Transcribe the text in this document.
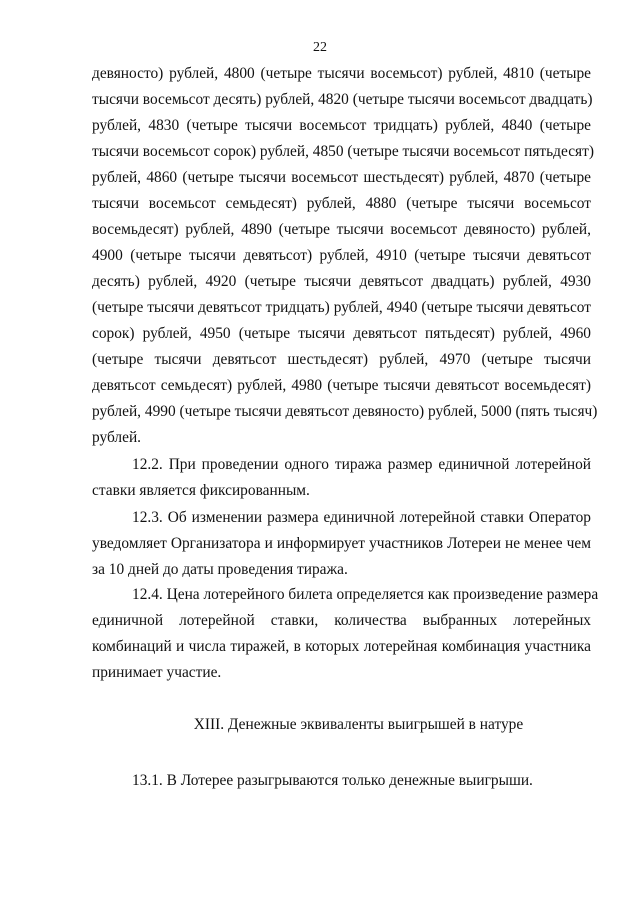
22
девяносто) рублей, 4800 (четыре тысячи восемьсот) рублей, 4810 (четыре
тысячи восемьсот десять) рублей, 4820 (четыре тысячи восемьсот двадцать)
рублей, 4830 (четыре тысячи восемьсот тридцать) рублей, 4840 (четыре
тысячи восемьсот сорок) рублей, 4850 (четыре тысячи восемьсот пятьдесят)
рублей, 4860 (четыре тысячи восемьсот шестьдесят) рублей, 4870 (четыре
тысячи восемьсот семьдесят) рублей, 4880 (четыре тысячи восемьсот
восемьдесят) рублей, 4890 (четыре тысячи восемьсот девяносто) рублей,
4900 (четыре тысячи девятьсот) рублей, 4910 (четыре тысячи девятьсот
десять) рублей, 4920 (четыре тысячи девятьсот двадцать) рублей, 4930
(четыре тысячи девятьсот тридцать) рублей, 4940 (четыре тысячи девятьсот
сорок) рублей, 4950 (четыре тысячи девятьсот пятьдесят) рублей, 4960
(четыре тысячи девятьсот шестьдесят) рублей, 4970 (четыре тысячи
девятьсот семьдесят) рублей, 4980 (четыре тысячи девятьсот восемьдесят)
рублей, 4990 (четыре тысячи девятьсот девяносто) рублей, 5000 (пять тысяч)
рублей.
12.2. При проведении одного тиража размер единичной лотерейной
ставки является фиксированным.
12.3. Об изменении размера единичной лотерейной ставки Оператор
уведомляет Организатора и информирует участников Лотереи не менее чем
за 10 дней до даты проведения тиража.
12.4. Цена лотерейного билета определяется как произведение размера
единичной лотерейной ставки, количества выбранных лотерейных
комбинаций и числа тиражей, в которых лотерейная комбинация участника
принимает участие.
XIII. Денежные эквиваленты выигрышей в натуре
13.1. В Лотерее разыгрываются только денежные выигрыши.
